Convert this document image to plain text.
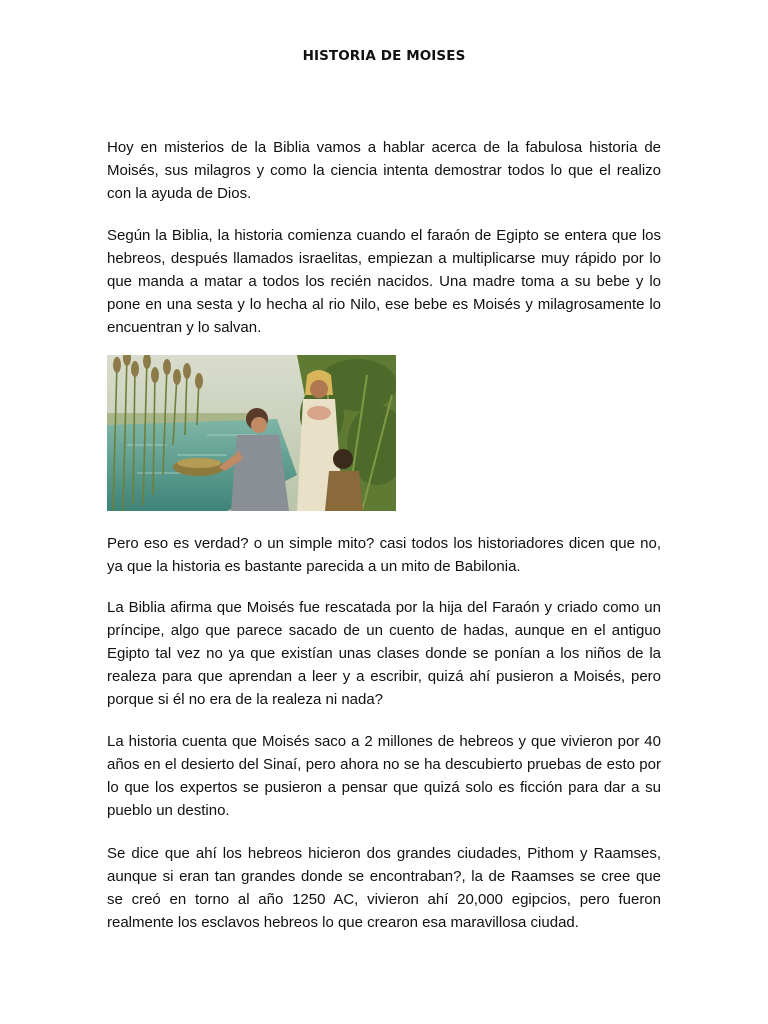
HISTORIA DE MOISES

Hoy en misterios de la Biblia vamos a hablar acerca de la fabulosa historia de Moisés, sus milagros y como la ciencia intenta demostrar todos lo que el realizo con la ayuda de Dios.

Según la Biblia, la historia comienza cuando el faraón de Egipto se entera que los hebreos, después llamados israelitas, empiezan a multiplicarse muy rápido por lo que manda a matar a todos los recién nacidos. Una madre toma a su bebe y lo pone en una sesta y lo hecha al rio Nilo, ese bebe es Moisés y milagrosamente lo encuentran y lo salvan.

Pero eso es verdad? o un simple mito? casi todos los historiadores dicen que no, ya que la historia es bastante parecida a un mito de Babilonia.

La Biblia afirma que Moisés fue rescatada por la hija del Faraón y criado como un príncipe, algo que parece sacado de un cuento de hadas, aunque en el antiguo Egipto tal vez no ya que existían unas clases donde se ponían a los niños de la realeza para que aprendan a leer y a escribir, quizá ahí pusieron a Moisés, pero porque si él no era de la realeza ni nada?

La historia cuenta que Moisés saco a 2 millones de hebreos y que vivieron por 40 años en el desierto del Sinaí, pero ahora no se ha descubierto pruebas de esto por lo que los expertos se pusieron a pensar que quizá solo es ficción para dar a su pueblo un destino.

Se dice que ahí los hebreos hicieron dos grandes ciudades, Pithom y Raamses, aunque si eran tan grandes donde se encontraban?, la de Raamses se cree que se creó en torno al año 1250 AC, vivieron ahí 20,000 egipcios, pero fueron realmente los esclavos hebreos lo que crearon esa maravillosa ciudad.
